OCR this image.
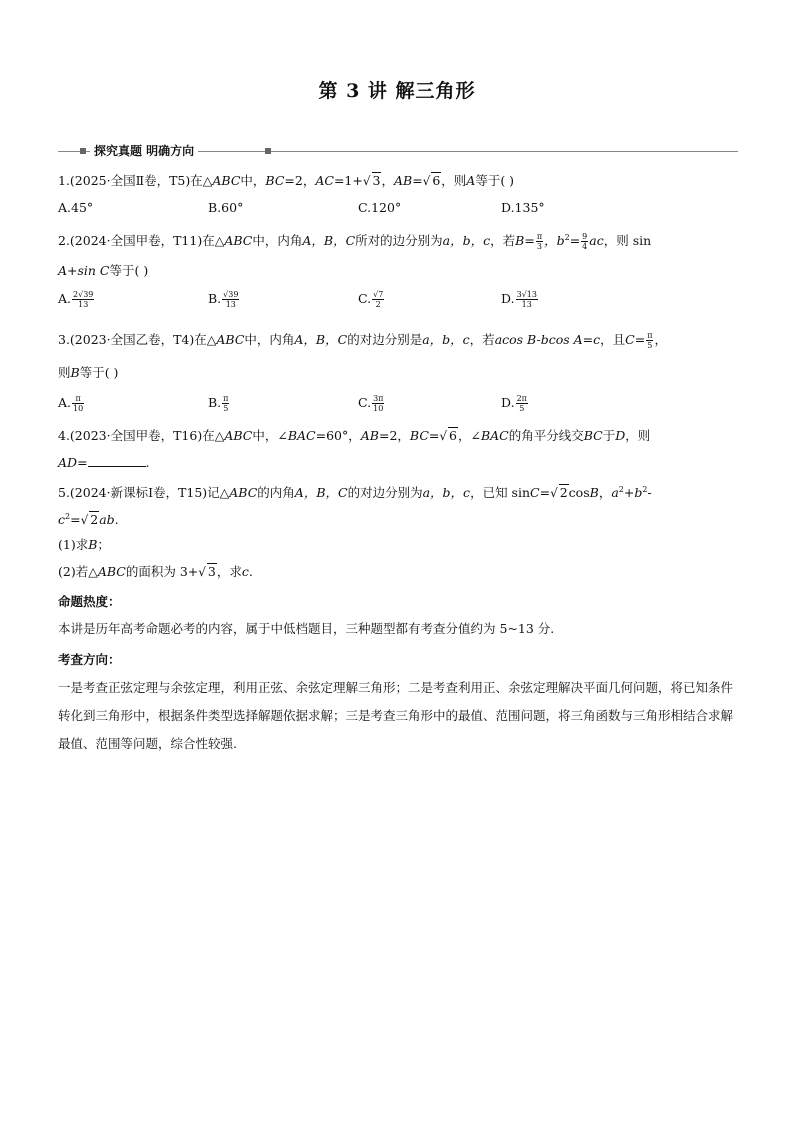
第 3 讲 解三角形
探究真题 明确方向
1.(2025·全国Ⅱ卷，T5)在△ABC中，BC=2，AC=1+√ 3，AB=√ 6，则A等于( )
A.45°	B.60°	C.120°	D.135°
2.(2024·全国甲卷，T11)在△ABC中，内角A，B，C所对的边分别为a，b，c，若$B= \frac{\pi}{3}$ ，$b^2= \frac{9}{4}$ ac，则 sin
A+sin C等于( )
A. $\frac{2√39}{13}$	B. $\frac{√39}{13}$	C. $\frac{√7}{2}$	D. $\frac{3√13}{13}$
3.(2023·全国乙卷，T4)在△ABC中，内角A，B，C的对边分别是a，b，c，若acos B-bcos A=c，且$C= \frac{\pi}{5}$ ，
则B等于( )
A. $\frac{\pi}{10}$	B. $\frac{\pi}{5}$	C. $\frac{3\pi}{10}$	D. $\frac{2\pi}{5}$
4.(2023·全国甲卷，T16)在△ABC中，∠BAC=60°，AB=2，BC=√ 6，∠BAC的角平分线交BC于D，则
AD=	.
5.(2024·新课标Ⅰ卷，T15)记△ABC的内角A，B，C的对边分别为a，b，c，已知 sinC=√ 2cosB，$a^2+b^2-$
$c^2=√$ 2ab.
(1)求B；
(2)若△ABC的面积为 3+√ 3，求c.
命题热度：
本讲是历年高考命题必考的内容，属于中低档题目，三种题型都有考查分值约为 5~13 分.
考查方向：
一是考查正弦定理与余弦定理，利用正弦、余弦定理解三角形；二是考查利用正、余弦定理解决平面几何问题，将已知条件转化到三角形中，根据条件类型选择解题依据求解；三是考查三角形中的最值、范围问题，将三角函数与三角形相结合求解最值、范围等问题，综合性较强.
